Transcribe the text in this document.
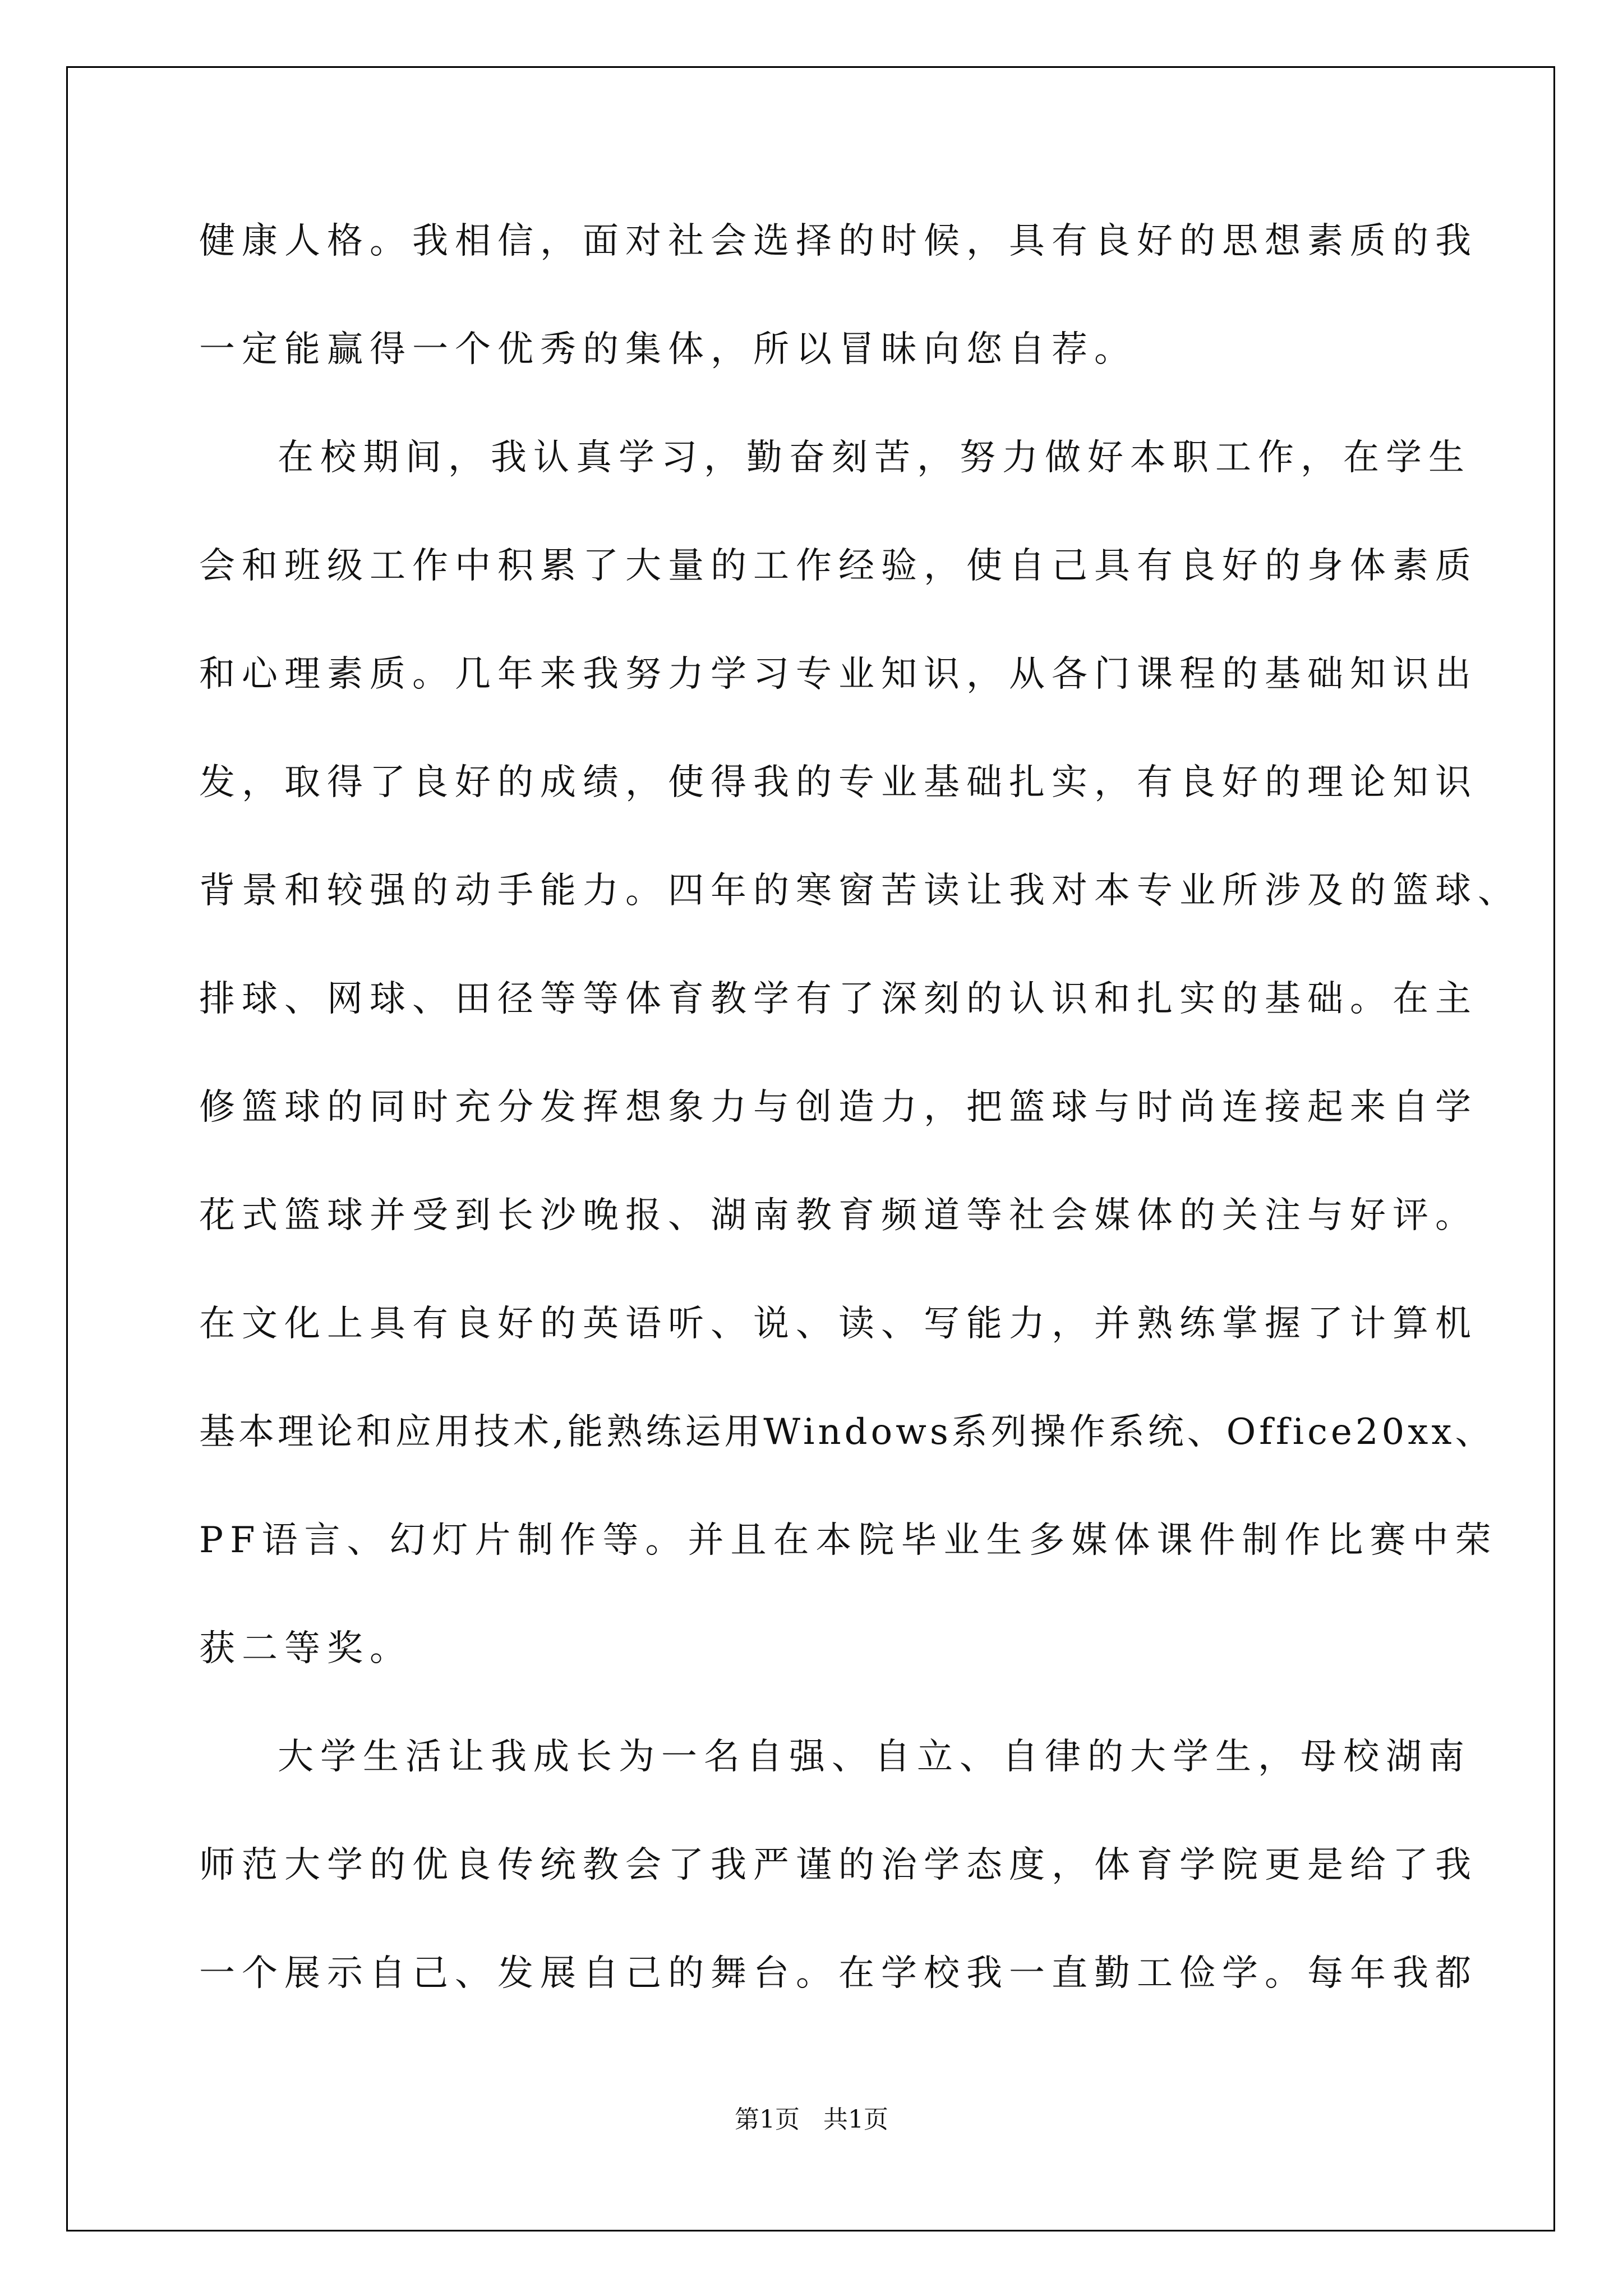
健康人格。我相信，面对社会选择的时候，具有良好的思想素质的我
一定能赢得一个优秀的集体，所以冒昧向您自荐。
在校期间，我认真学习，勤奋刻苦，努力做好本职工作，在学生
会和班级工作中积累了大量的工作经验，使自己具有良好的身体素质
和心理素质。几年来我努力学习专业知识，从各门课程的基础知识出
发，取得了良好的成绩，使得我的专业基础扎实，有良好的理论知识
背景和较强的动手能力。四年的寒窗苦读让我对本专业所涉及的篮球、
排球、网球、田径等等体育教学有了深刻的认识和扎实的基础。在主
修篮球的同时充分发挥想象力与创造力，把篮球与时尚连接起来自学
花式篮球并受到长沙晚报、湖南教育频道等社会媒体的关注与好评。
在文化上具有良好的英语听、说、读、写能力，并熟练掌握了计算机
基本理论和应用技术,能熟练运用Windows系列操作系统、Office20xx、
PF语言、幻灯片制作等。并且在本院毕业生多媒体课件制作比赛中荣
获二等奖。
大学生活让我成长为一名自强、自立、自律的大学生，母校湖南
师范大学的优良传统教会了我严谨的治学态度，体育学院更是给了我
一个展示自己、发展自己的舞台。在学校我一直勤工俭学。每年我都
第1页   共1页
